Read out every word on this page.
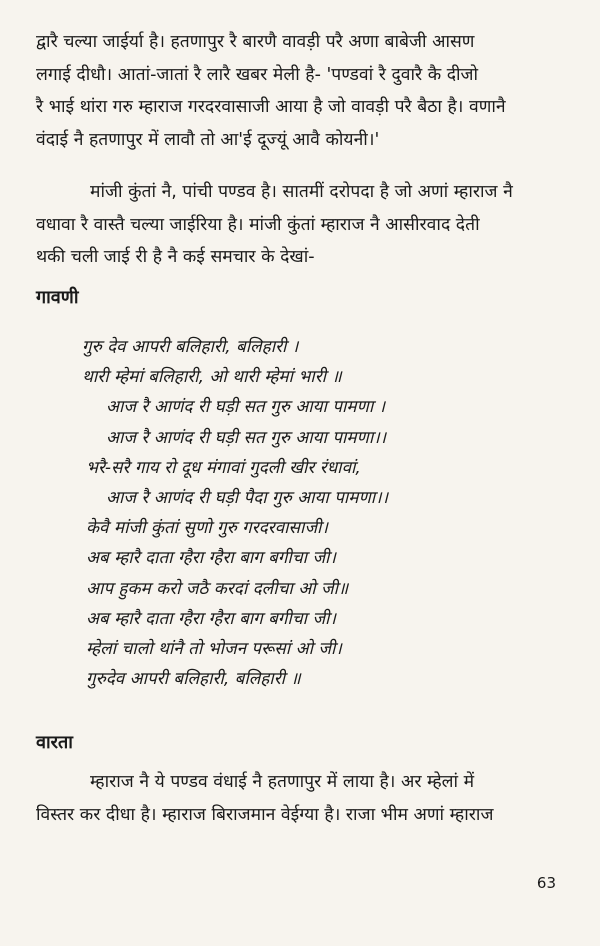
द्वारै चल्या जाईर्या है। हतणापुर रै बारणै वावड़ी परै अणा बाबेजी आसण
लगाई दीधौ। आतां-जातां रै लारै खबर मेली है- 'पण्डवां रै दुवारै कै दीजो
रै भाई थांरा गरु म्हाराज गरदरवासाजी आया है जो वावड़ी परै बैठा है। वणानै
वंदाई नै हतणापुर में लावौ तो आ'ई दूज्यूं आवै कोयनी।'

मांजी कुंतां नै, पांची पण्डव है। सातमीं दरोपदा है जो अणां म्हाराज नै
वधावा रै वास्तै चल्या जाईरिया है। मांजी कुंतां म्हाराज नै आसीरवाद देती
थकी चली जाई री है नै कई समचार के देखां-

गावणी
गुरु देव आपरी बलिहारी, बलिहारी ।
थारी म्हेमां बलिहारी, ओ थारी म्हेमां भारी ॥
आज रै आणंद री घड़ी सत गुरु आया पामणा ।
आज रै आणंद री घड़ी सत गुरु आया पामणा।।
भरै-सरै गाय रो दूध मंगावां गुदली खीर रंधावां,
आज रै आणंद री घड़ी पैदा गुरु आया पामणा।।
केवै मांजी कुंतां सुणो गुरु गरदरवासाजी।
अब म्हारै दाता ग्हैरा ग्हैरा बाग बगीचा जी।
आप हुकम करो जठै करदां दलीचा ओ जी॥
अब म्हारै दाता ग्हैरा ग्हैरा बाग बगीचा जी।
म्हेलां चालो थांनै तो भोजन परूसां ओ जी।
गुरुदेव आपरी बलिहारी, बलिहारी ॥
वारता

म्हाराज नै ये पण्डव वंधाई नै हतणापुर में लाया है। अर म्हेलां में
विस्तर कर दीधा है। म्हाराज बिराजमान वेईग्या है। राजा भीम अणां म्हाराज

63
